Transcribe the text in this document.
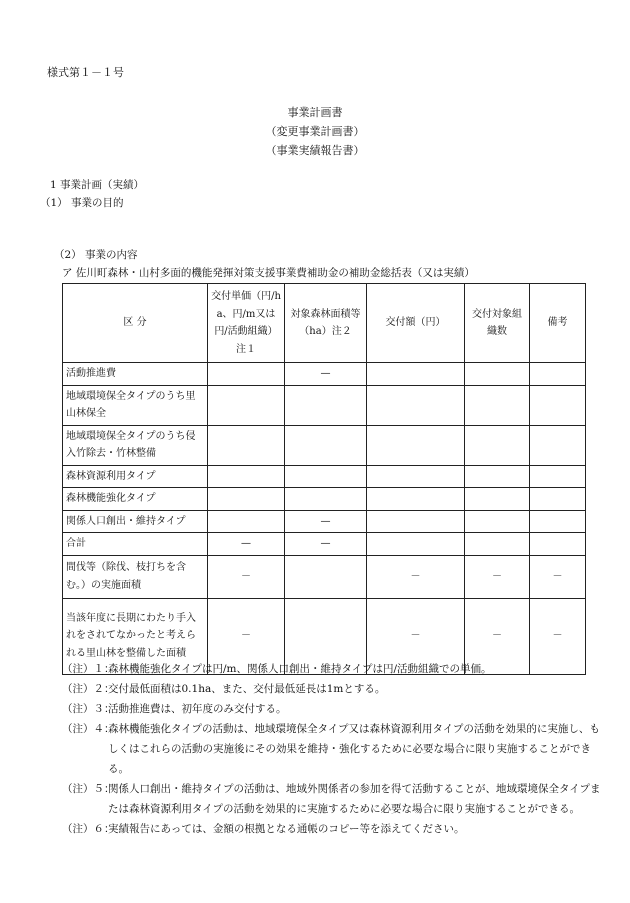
様式第１－１号
事業計画書
（変更事業計画書）
（事業実績報告書）
1 事業計画（実績）
（1） 事業の目的
（2） 事業の内容
ア 佐川町森林・山村多面的機能発揮対策支援事業費補助金の補助金総括表（又は実績）
区 分	交付単価（円/ha、円/m又は円/活動組織）注１	対象森林面積等（ha）注２	交付額（円）	交付対象組織数	備考
活動推進費		—			
地域環境保全タイプのうち里山林保全					
地域環境保全タイプのうち侵入竹除去・竹林整備					
森林資源利用タイプ					
森林機能強化タイプ					
関係人口創出・維持タイプ		—			
合計	—	—			
間伐等（除伐、枝打ちを含む。）の実施面積	－		－	－	－
当該年度に長期にわたり手入れをされてなかったと考えられる里山林を整備した面積	－		－	－	－
（注）１：
森林機能強化タイプは円/m、関係人口創出・維持タイプは円/活動組織での単価。
（注）２：
交付最低面積は0.1ha、また、交付最低延長は1mとする。
（注）３：
活動推進費は、初年度のみ交付する。
（注）４：
森林機能強化タイプの活動は、地域環境保全タイプ又は森林資源利用タイプの活動を効果的に実施し、もしくはこれらの活動の実施後にその効果を維持・強化するために必要な場合に限り実施することができる。
（注）５：
関係人口創出・維持タイプの活動は、地域外関係者の参加を得て活動することが、地域環境保全タイプまたは森林資源利用タイプの活動を効果的に実施するために必要な場合に限り実施することができる。
（注）６：
実績報告にあっては、金額の根拠となる通帳のコピー等を添えてください。
